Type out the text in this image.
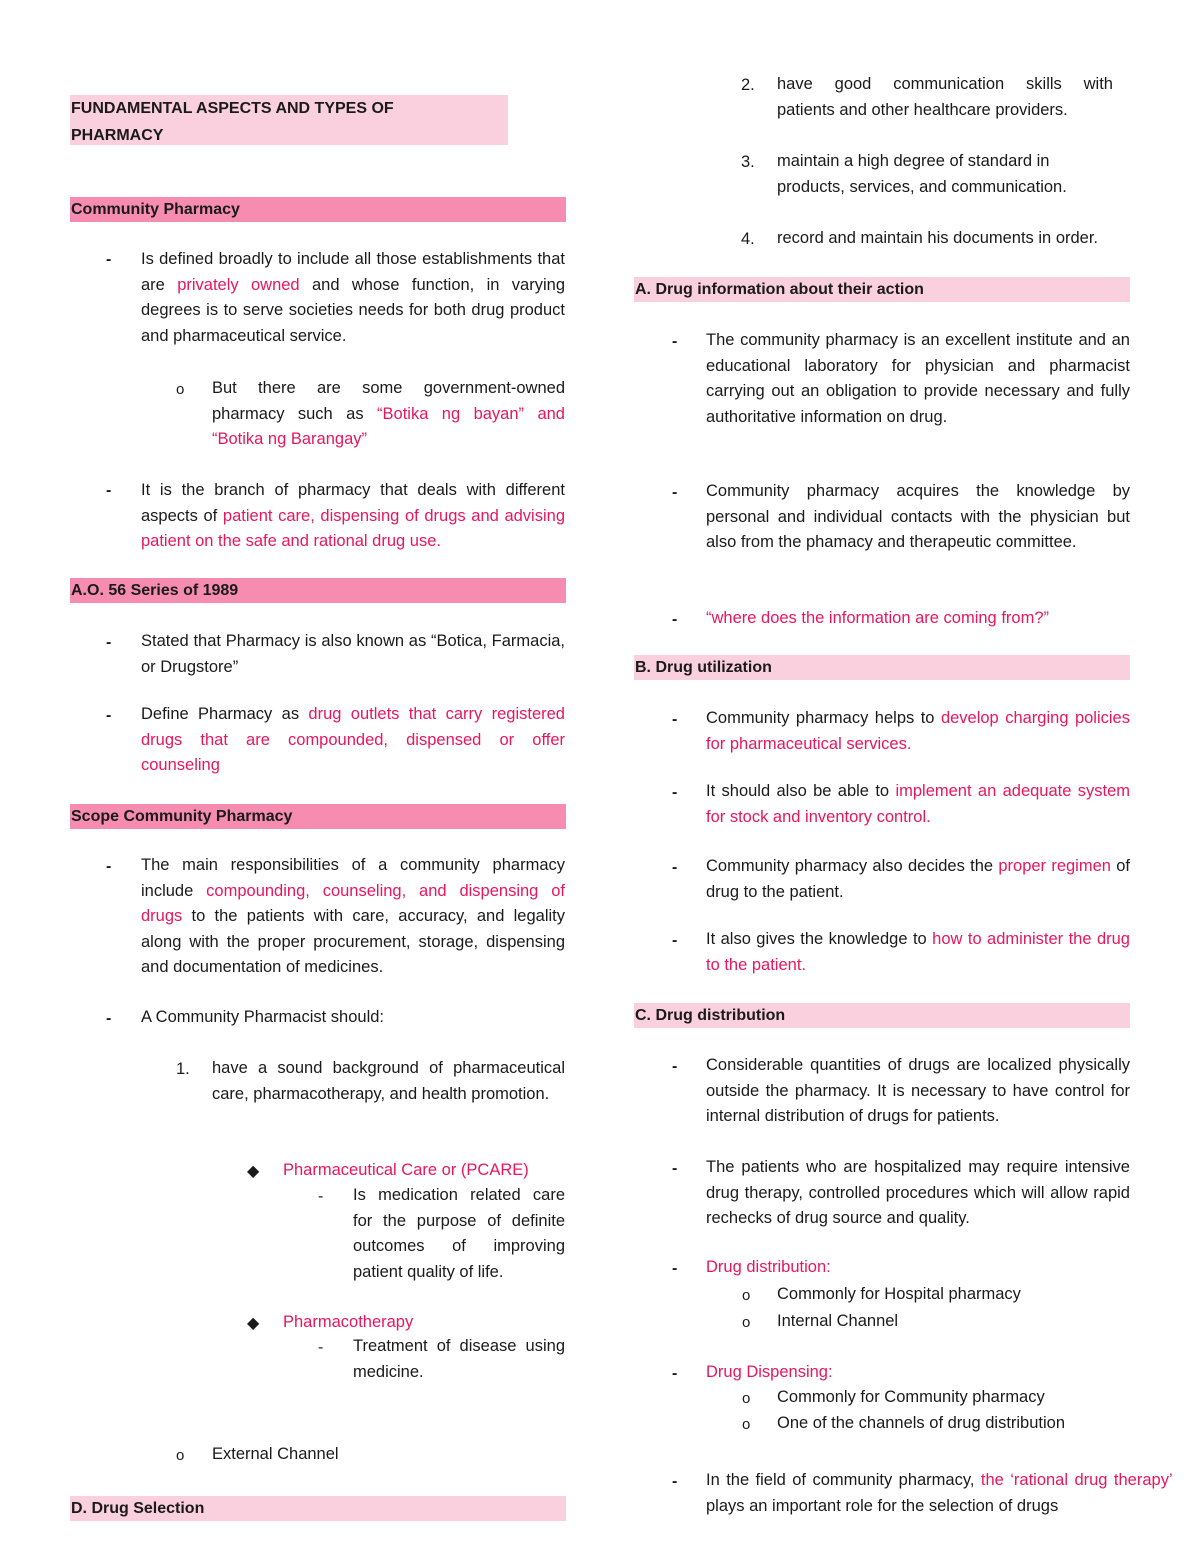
FUNDAMENTAL ASPECTS AND TYPES OF PHARMACY
Community Pharmacy
- Is defined broadly to include all those establishments that are privately owned and whose function, in varying degrees is to serve societies needs for both drug product and pharmaceutical service.
o But there are some government-owned pharmacy such as “Botika ng bayan” and “Botika ng Barangay”
- It is the branch of pharmacy that deals with different aspects of patient care, dispensing of drugs and advising patient on the safe and rational drug use.
A.O. 56 Series of 1989
- Stated that Pharmacy is also known as “Botica, Farmacia, or Drugstore”
- Define Pharmacy as drug outlets that carry registered drugs that are compounded, dispensed or offer counseling
Scope Community Pharmacy
- The main responsibilities of a community pharmacy include compounding, counseling, and dispensing of drugs to the patients with care, accuracy, and legality along with the proper procurement, storage, dispensing and documentation of medicines.
- A Community Pharmacist should:
1. have a sound background of pharmaceutical care, pharmacotherapy, and health promotion.
◆ Pharmaceutical Care or (PCARE)
- Is medication related care for the purpose of definite outcomes of improving patient quality of life.
◆ Pharmacotherapy
- Treatment of disease using medicine.
o External Channel
D. Drug Selection
2. have good communication skills with
patients and other healthcare providers.
3. maintain a high degree of standard in products, services, and communication.
4. record and maintain his documents in order.
A. Drug information about their action
- The community pharmacy is an excellent institute and an educational laboratory for physician and pharmacist carrying out an obligation to provide necessary and fully authoritative information on drug.
- Community pharmacy acquires the knowledge by personal and individual contacts with the physician but also from the phamacy and therapeutic committee.
- “where does the information are coming from?”
B. Drug utilization
- Community pharmacy helps to develop charging policies for pharmaceutical services.
- It should also be able to implement an adequate system for stock and inventory control.
- Community pharmacy also decides the proper regimen of drug to the patient.
- It also gives the knowledge to how to administer the drug to the patient.
C. Drug distribution
- Considerable quantities of drugs are localized physically outside the pharmacy. It is necessary to have control for internal distribution of drugs for patients.
- The patients who are hospitalized may require intensive drug therapy, controlled procedures which will allow rapid rechecks of drug source and quality.
- Drug distribution:
o Commonly for Hospital pharmacy
o Internal Channel
- Drug Dispensing:
o Commonly for Community pharmacy
o One of the channels of drug distribution
- In the field of community pharmacy, the ‘rational drug therapy’ plays an important role for the selection of drugs
